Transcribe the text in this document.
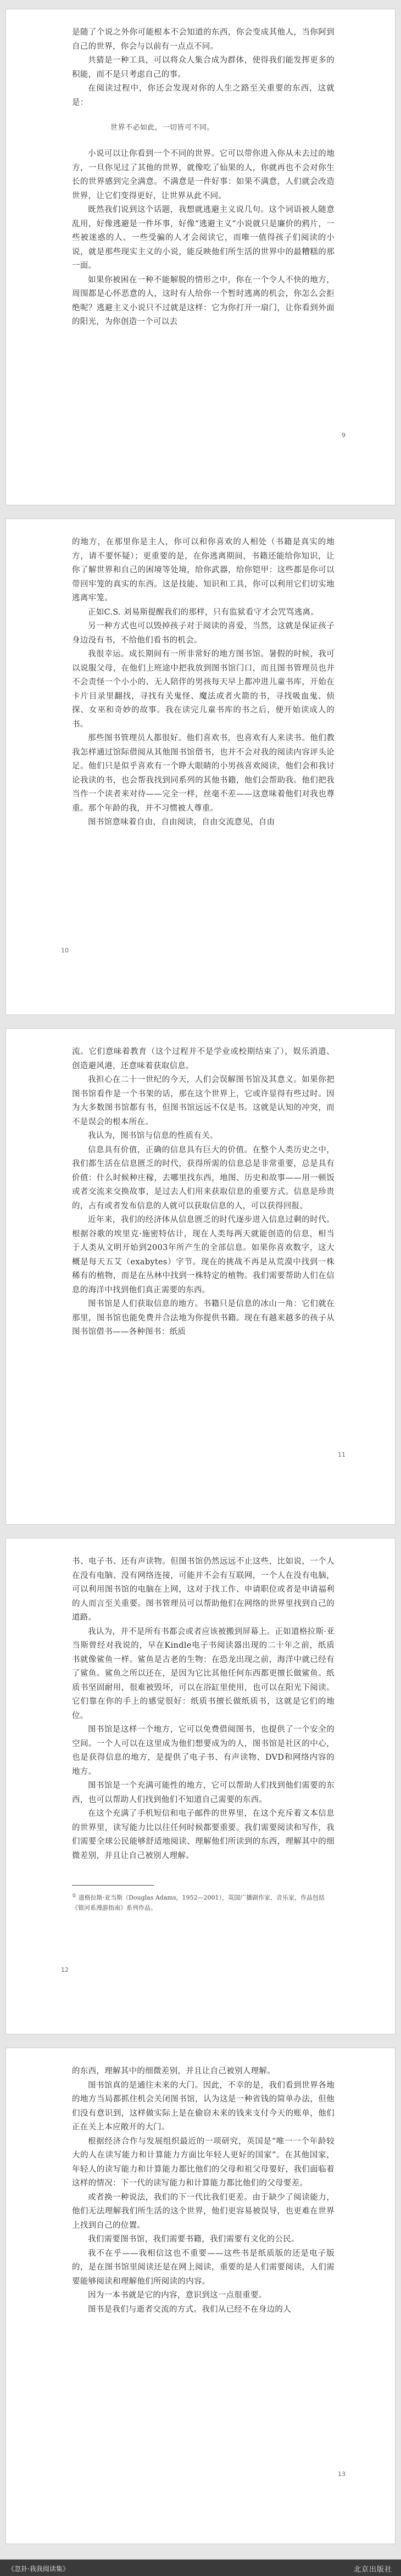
是随了个说之外你可能根本不会知道的东西，你会变成其他人，当你阿到自己的世界，你会与以前有一点点不同。

共猜是一种工具，可以将众人集合成为群体，使得我们能发挥更多的积能，而不是只考虑自己的事。

在阅读过程中，你还会发现对你的人生之路至关重要的东西，这就是：

世界不必如此，一切皆可不同。

小说可以让你看到一个不同的世界。它可以带你进入你从未去过的地方，一旦你见过了其他的世界，就像吃了仙果的人，你就再也不会对你生长的世界感到完全满意。不满意是一件好事：如果不满意，人们就会改造世界，让它们变得更好，让世界从此不同。

既然我们说到这个话题，我想就逃避主义说几句。这个词语被人随意乱用，好像逃避是一件坏事，好像“逃避主义”小说就只是廉价的鸦片，一些被迷惑的人、一些受骗的人才会阅读它，而唯一值得孩子们阅读的小说，就是那些现实主义的小说，能反映他们所生活的世界中的最糟糕的那一面。

如果你被困在一种不能解脱的情形之中，你在一个令人不快的地方，周围都是心怀恶意的人，这时有人给你一个暂时逃离的机会，你怎么会拒绝呢？逃避主义小说只不过就是这样：它为你打开一扇门，让你看到外面的阳光，为你创造一个可以去

9

的地方，在那里你是主人，你可以和你喜欢的人相处（书籍是真实的地方，请不要怀疑）；更重要的是，在你逃离期间，书籍还能给你知识，让你了解世界和自己的困境等处境，给你武器，给你铠甲：这些都是你可以带回牢笼的真实的东西。这是技能、知识和工具，你可以利用它们切实地逃离牢笼。

正如C.S. 刘易斯提醒我们的那样，只有监狱看守才会咒骂逃离。

另一种方式也可以毁掉孩子对于阅读的喜爱，当然，这就是保证孩子身边没有书，不给他们看书的机会。

我很幸运。成长期间有一所非常好的地方图书馆。暑假的时候，我可以说服父母，在他们上班途中把我放到图书馆门口，而且图书管理员也并不会责怪一个小小的、无人陪伴的男孩每天早上都冲进儿童书库，开始在卡片目录里翻找，寻找有关鬼怪、魔法或者火箭的书，寻找吸血鬼、侦探、女巫和奇妙的故事。我在读完儿童书库的书之后，便开始读成人的书。

那些图书管理员人都很好。他们喜欢书，也喜欢有人来读书。他们教我怎样通过馆际借阅从其他图书馆借书，也并不会对我的阅读内容评头论足。他们只是似乎喜欢有一个睁大眼睛的小男孩喜欢阅读，他们会和我讨论我读的书，也会帮我找到同系列的其他书籍，他们会帮助我。他们把我当作一个读者来对待——完全一样，丝毫不差——这意味着他们对我也尊重。那个年龄的我，并不习惯被人尊重。

图书馆意味着自由，自由阅读，自由交流意见，自由

10

流。它们意味着教育（这个过程并不是学业或校期结束了），娱乐消遣、创造避风港，还意味着获取信息。

我担心在二十一世纪的今天，人们会误解图书馆及其意义。如果你把图书馆看作是一个书架的话，那在这个世界上，它或许显得有些过时。因为大多数图书馆都有书，但图书馆远远不仅是书。这就是认知的冲突，而不是误会的根本所在。

我认为，图书馆与信息的性质有关。

信息具有价值，正确的信息具有巨大的价值。在整个人类历史之中，我们都生活在信息匮乏的时代，获得所需的信息总是非常重要，总是具有价值：什么时候种庄稼，去哪里找东西，地图、历史和故事——用一顿饭或者交流来交换故事，是过去人们用来获取信息的重要方式。信息是珍贵的，占有或者发布信息的人就可以获取信息的人，可以获得回报。

近年来，我们的经济体从信息匮乏的时代逐步进入信息过剩的时代。根据谷歌的埃里克·施密特估计，现在人类每两天就能创造的信息，相当于人类从文明开始到2003年所产生的全部信息。如果你喜欢数字，这大概是每天五艾（exabytes）字节。现在的挑战不再是从荒漠中找到一株稀有的植物，而是在丛林中找到一株特定的植物。我们需要帮助人们在信息的海洋中找到他们真正需要的东西。

图书馆是人们获取信息的地方。书籍只是信息的冰山一角：它们就在那里，图书馆也能免费并合法地为你提供书籍。现在有越来越多的孩子从图书馆借书——各种图书：纸质

11

书、电子书、还有声读物。但图书馆仍然远远不止这些，比如说，一个人在没有电脑、没有网络连接，可能并不会有互联网，一个人在没有电脑，可以利用图书馆的电脑在上网，这对于找工作、申请职位或者是申请福利的人而言至关重要。图书管理员可以帮助他们在网络的世界里找到自己的道路。

我认为，并不是所有书都会或者应该被搬到屏幕上。正如道格拉斯·亚当斯曾经对我说的，早在Kindle电子书阅读器出现的二十年之前，纸质书就像鲨鱼一样。鲨鱼是古老的生物：在恐龙出现之前，海洋中就已经有了鲨鱼。鲨鱼之所以还在，是因为它比其他任何东西都更擅长做鲨鱼。纸质书坚固耐用，很难被毁坏，可以在浴缸里使用，也可以在阳光下阅读。它们靠在你的手上的感觉很好：纸质书擅长做纸质书，这就是它们的地位。

图书馆是这样一个地方，它可以免费借阅图书，也提供了一个安全的空间。一个人可以在这里成为他们想要成为的人，图书馆是社区的中心，也是获得信息的地方，是提供了电子书、有声读物、DVD和网络内容的地方。

图书馆是一个充满可能性的地方，它可以帮助人们找到他们需要的东西，也可以帮助人们找到他们不知道自己需要的东西。

在这个充满了手机短信和电子邮件的世界里，在这个充斥着文本信息的世界里，读写能力比以往任何时候都要重要。我们需要阅读和写作，我们需要全球公民能够舒适地阅读、理解他们所读到的东西，理解其中的细微差别，并且让自己被别人理解。

① 道格拉斯·亚当斯（Douglas Adams，1952—2001），英国广播剧作家、音乐家，作品包括《银河系漫游指南》系列作品。

12

的东西，理解其中的细微差别，并且让自己被别人理解。

图书馆真的是通往未来的大门。因此，不幸的是，我们看到世界各地的地方当局都抓住机会关闭图书馆，认为这是一种省钱的简单办法，但他们没有意识到，这样做实际上是在偷窃未来的钱来支付今天的账单，他们正在关上本应敞开的大门。

根据经济合作与发展组织最近的一项研究，英国是“唯一一个年龄较大的人在读写能力和计算能力方面比年轻人更好的国家”。在其他国家，年轻人的读写能力和计算能力都比他们的父母和祖父母要好，我们面临着这样的情况：下一代的读写能力和计算能力都比他们的父母要差。

或者换一种说法，我们的下一代比我们更差。由于缺少了阅读能力，他们无法理解我们所生活的这个世界，他们更容易被误导，也更难在世界上找到自己的位置。

我们需要图书馆，我们需要书籍，我们需要有文化的公民。

我不在乎——我相信这也不重要——这些书是纸质版的还是电子版的，是在图书馆里阅读还是在网上阅读，重要的是人们需要阅读，人们需要能够阅读和理解他们所阅读的内容。

因为一本书就是它的内容，意识到这一点很重要。

图书是我们与逝者交流的方式。我们从已经不在身边的人

13
《忽卦·我我阅读集》	北京出版社
